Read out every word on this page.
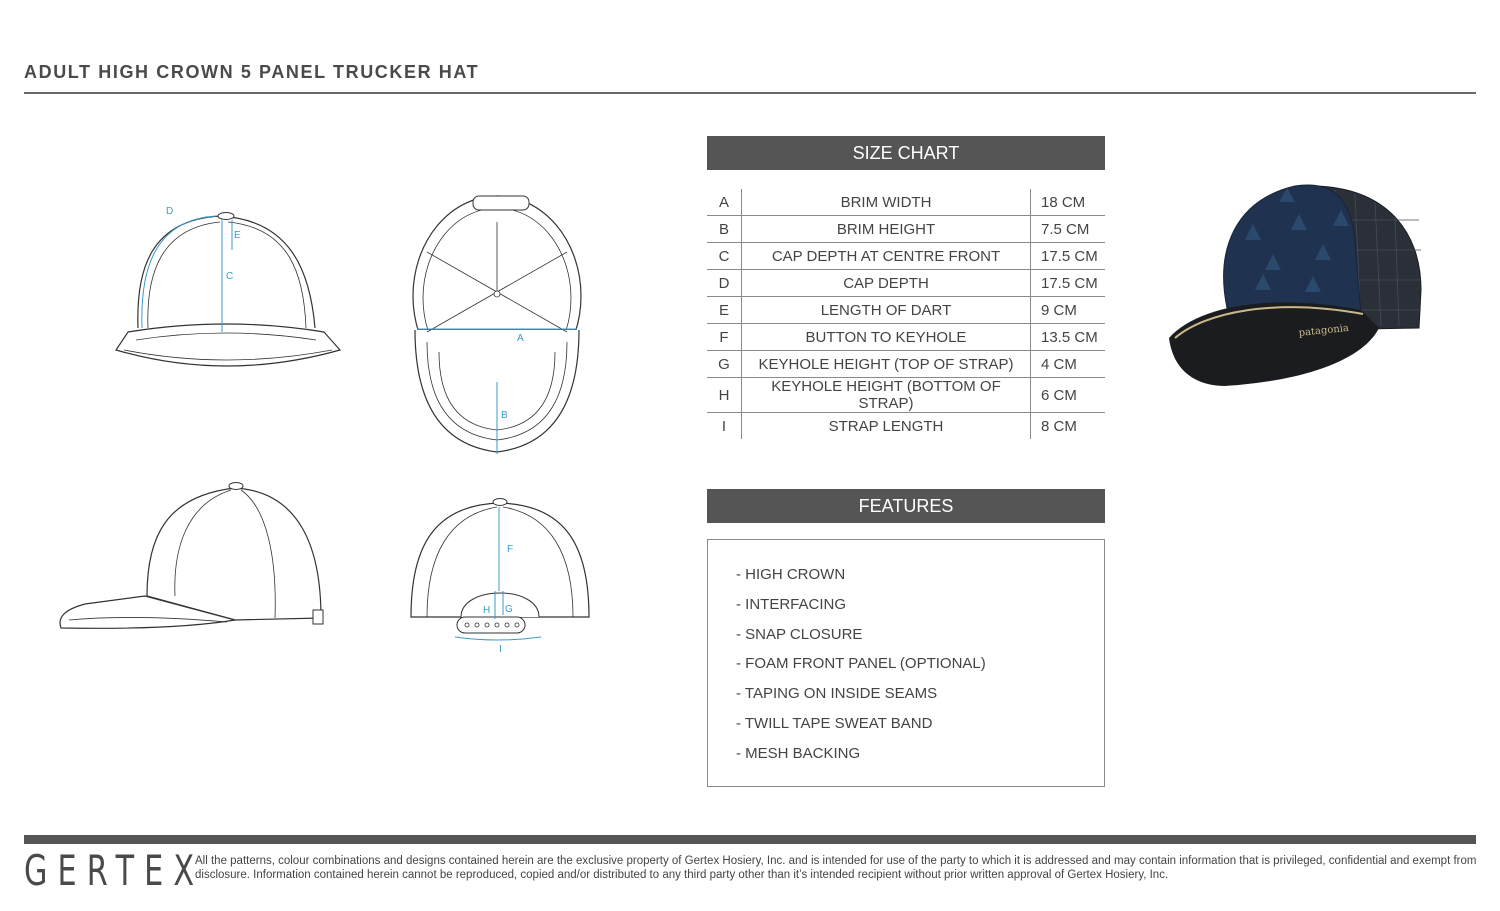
ADULT HIGH CROWN 5 PANEL TRUCKER HAT
D
E
C
A
B
F
H G
I
SIZE CHART
A	BRIM WIDTH	18 CM
B	BRIM HEIGHT	7.5 CM
C	CAP DEPTH AT CENTRE FRONT	17.5 CM
D	CAP DEPTH	17.5 CM
E	LENGTH OF DART	9 CM
F	BUTTON TO KEYHOLE	13.5 CM
G	KEYHOLE HEIGHT (TOP OF STRAP)	4 CM
H	KEYHOLE HEIGHT (BOTTOM OF STRAP)	6 CM
I	STRAP LENGTH	8 CM
FEATURES
- HIGH CROWN
- INTERFACING
- SNAP CLOSURE
- FOAM FRONT PANEL (OPTIONAL)
- TAPING ON INSIDE SEAMS
- TWILL TAPE SWEAT BAND
- MESH BACKING
patagonia
GERTEX
All the patterns, colour combinations and designs contained herein are the exclusive property of Gertex Hosiery, Inc. and is intended for use of the party to which it is addressed and may contain information that is privileged, confidential and exempt from disclosure. Information contained herein cannot be reproduced, copied and/or distributed to any third party other than it’s intended recipient without prior written approval of Gertex Hosiery, Inc.
